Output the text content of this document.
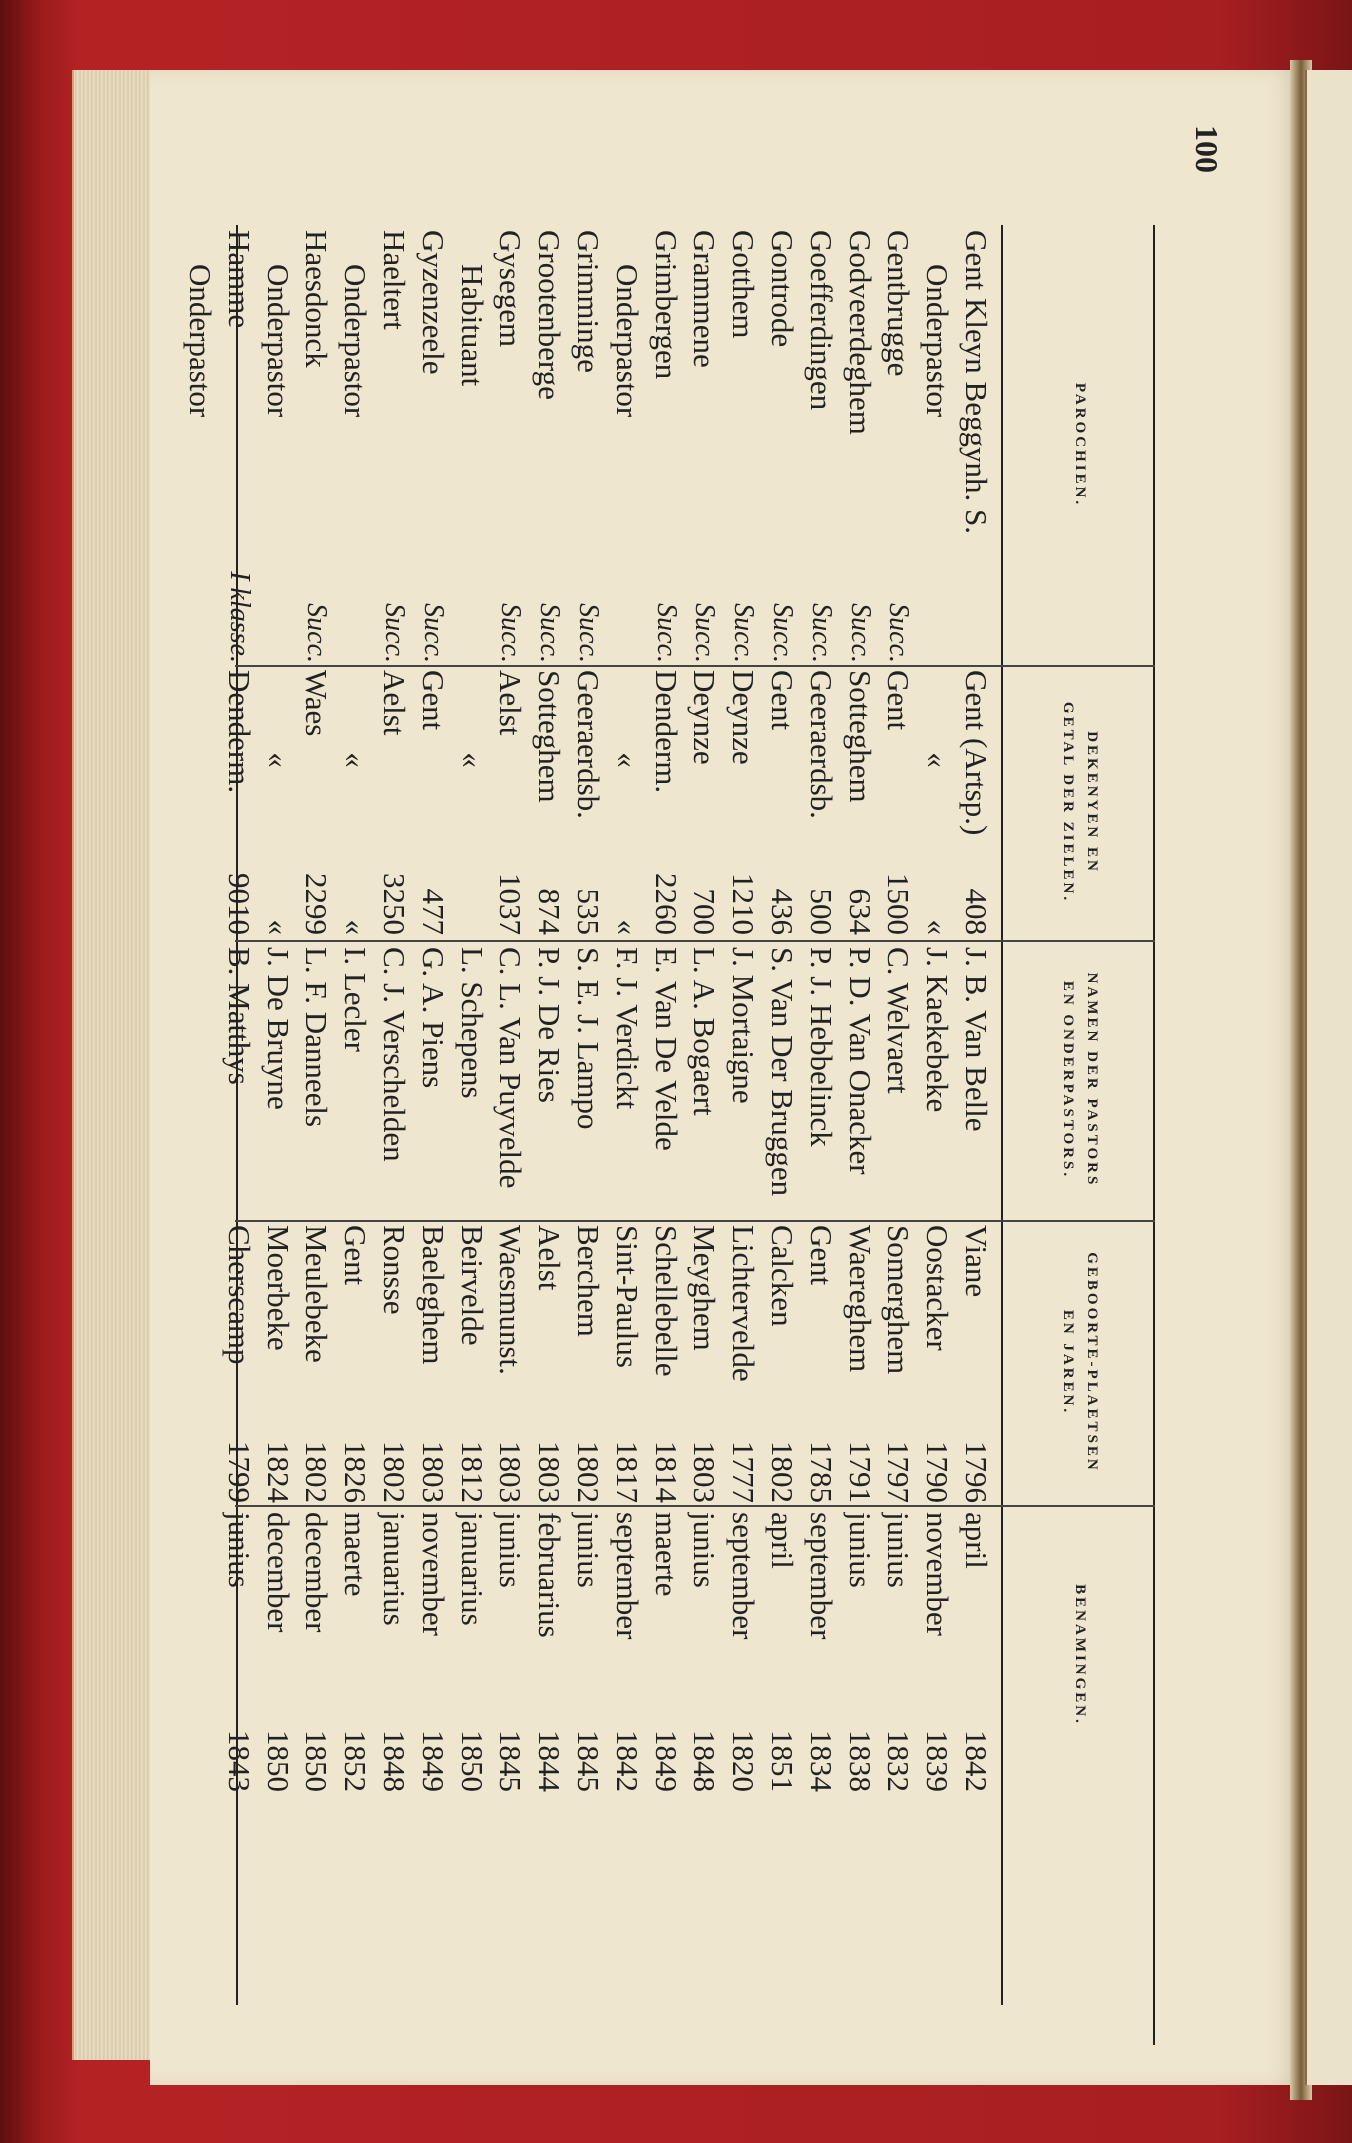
100
PAROCHIEN.
DEKENYEN EN
GETAL DER ZIELEN.
NAMEN DER PASTORS
EN ONDERPASTORS.
GEBOORTE-PLAETSEN
EN JAREN.
BENAMINGEN.
Gent Kleyn Beggynh. S.
Gent (Artsp.)
408
J. B. Van Belle
Viane
1796
april
1842
Onderpastor
«
«
J. Kaekebeke
Oostacker
1790
november
1839
Gentbrugge
Succ.
Gent
1500
C. Welvaert
Somerghem
1797
junius
1832
Godveerdeghem
Succ.
Sotteghem
634
P. D. Van Onacker
Waereghem
1791
junius
1838
Goefferdingen
Succ.
Geeraerdsb.
500
P. J. Hebbelinck
Gent
1785
september
1834
Gontrode
Succ.
Gent
436
S. Van Der Bruggen
Calcken
1802
april
1851
Gotthem
Succ.
Deynze
1210
J. Mortaigne
Lichtervelde
1777
september
1820
Grammene
Succ.
Deynze
700
L. A. Bogaert
Meyghem
1803
junius
1848
Grimbergen
Succ.
Denderm.
2260
E. Van De Velde
Schellebelle
1814
maerte
1849
Onderpastor
«
«
F. J. Verdickt
Sint-Paulus
1817
september
1842
Grimminge
Succ.
Geeraerdsb.
535
S. E. J. Lampo
Berchem
1802
junius
1845
Grootenberge
Succ.
Sotteghem
874
P. J. De Ries
Aelst
1803
februarius
1844
Gysegem
Succ.
Aelst
1037
C. L. Van Puyvelde
Waesmunst.
1803
junius
1845
Habituant
«
L. Schepens
Beirvelde
1812
januarius
1850
Gyzenzeele
Succ.
Gent
477
G. A. Piens
Baeleghem
1803
november
1849
Haeltert
Succ.
Aelst
3250
C. J. Verschelden
Ronsse
1802
januarius
1848
Onderpastor
«
«
I. Lecler
Gent
1826
maerte
1852
Haesdonck
Succ.
Waes
2299
L. F. Danneels
Meulebeke
1802
december
1850
Onderpastor
«
«
J. De Bruyne
Moerbeke
1824
december
1850
Hamme
I klasse.
Denderm.
9010
B. Matthys
Cherscamp
1799
junius
1843
Onderpastor
